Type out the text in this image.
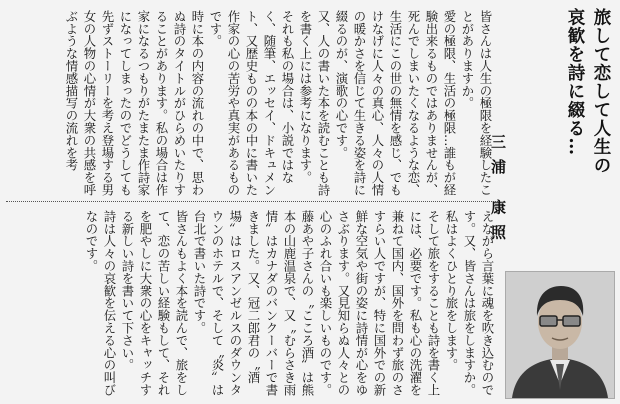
旅して恋して人生の 哀歓を詩に綴る…
三浦 康照
皆さんは人生の極限を経験したことがありますか。
愛の極限、生活の極限…誰もが経験出来るものではありませんが、死んでしまいたくなるような恋、生活にこの世の無情を感じ、でもけなげに人々の真心、人々の人情の暖かさを信じて生きる姿を詩に綴るのが、演歌の心です。
又、人の書いた本を読むことも詩を書く上には参考になります。
それも私の場合は、小説ではなく、随筆、エッセイ、ドキュメント、又歴史ものの本の中に書いた作家の心の苦労や真実があるものです。
時に本の内容の流れの中で、思わぬ詩のタイトルがひらめいたりすることがあります。私の場合は作家になるつもりがたまたま作詩家になってしまったのでどうしても先ずストーリーを考え登場する男女の人物の心情が大衆の共感を呼ぶような情感描写の流れを考
えながら言葉に魂を吹き込むのです。又、皆さんは旅をしますか。
私はよくひとり旅をします。
そして旅をすることも詩を書く上には、必要です。私も心の洗濯を兼ねて国内、国外を問わず旅のさすらい人ですが、特に国外での新鮮な空気や街の姿に詩情が心をゆさぶります。又見知らぬ人々との心のふれ合いも楽しいものです。
藤あや子さんの〝こころ酒〟は熊本の山鹿温泉で、又〝むらさき雨情〟はカナダのバンクーバーで書きました。又、冠二郎君の〝酒場〟はロスアンゼルスのダウンタウンのホテルで、そして〝炎〟は台北で書いた詩です。
皆さんもよく本を読んで、旅をして、恋の苦しい経験もして、それを肥やしに大衆の心をキャッチする新しい詩を書いて下さい。
詩は人々の哀歓を伝える心の叫びなのです。
